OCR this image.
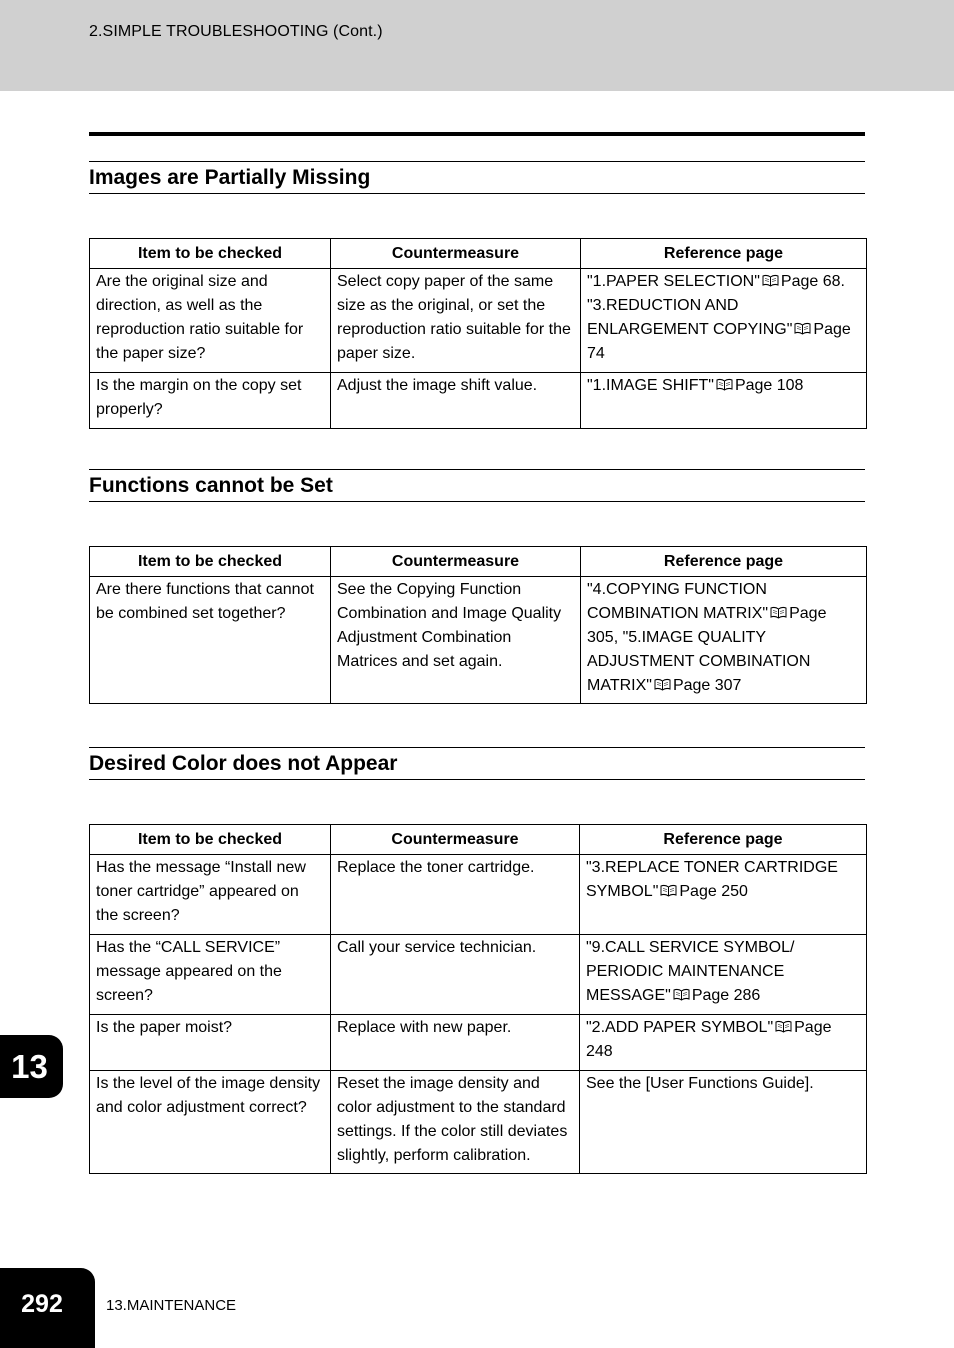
2.SIMPLE TROUBLESHOOTING (Cont.)
Images are Partially Missing
Item to be checked	Countermeasure	Reference page
Are the original size and direction, as well as the reproduction ratio suitable for the paper size?	Select copy paper of the same size as the original, or set the reproduction ratio suitable for the paper size.	"1.PAPER SELECTION" Page 68. "3.REDUCTION AND ENLARGEMENT COPYING" Page 74
Is the margin on the copy set properly?	Adjust the image shift value.	"1.IMAGE SHIFT" Page 108
Functions cannot be Set
Item to be checked	Countermeasure	Reference page
Are there functions that cannot be combined set together?	See the Copying Function Combination and Image Quality Adjustment Combination Matrices and set again.	"4.COPYING FUNCTION COMBINATION MATRIX" Page 305, "5.IMAGE QUALITY ADJUSTMENT COMBINATION MATRIX" Page 307
Desired Color does not Appear
Item to be checked	Countermeasure	Reference page
Has the message “Install new toner cartridge” appeared on the screen?	Replace the toner cartridge.	"3.REPLACE TONER CARTRIDGE SYMBOL" Page 250
Has the “CALL SERVICE” message appeared on the screen?	Call your service technician.	"9.CALL SERVICE SYMBOL/ PERIODIC MAINTENANCE MESSAGE" Page 286
Is the paper moist?	Replace with new paper.	"2.ADD PAPER SYMBOL" Page 248
Is the level of the image density and color adjustment correct?	Reset the image density and color adjustment to the standard settings. If the color still deviates slightly, perform calibration.	See the [User Functions Guide].
13
292	13.MAINTENANCE
